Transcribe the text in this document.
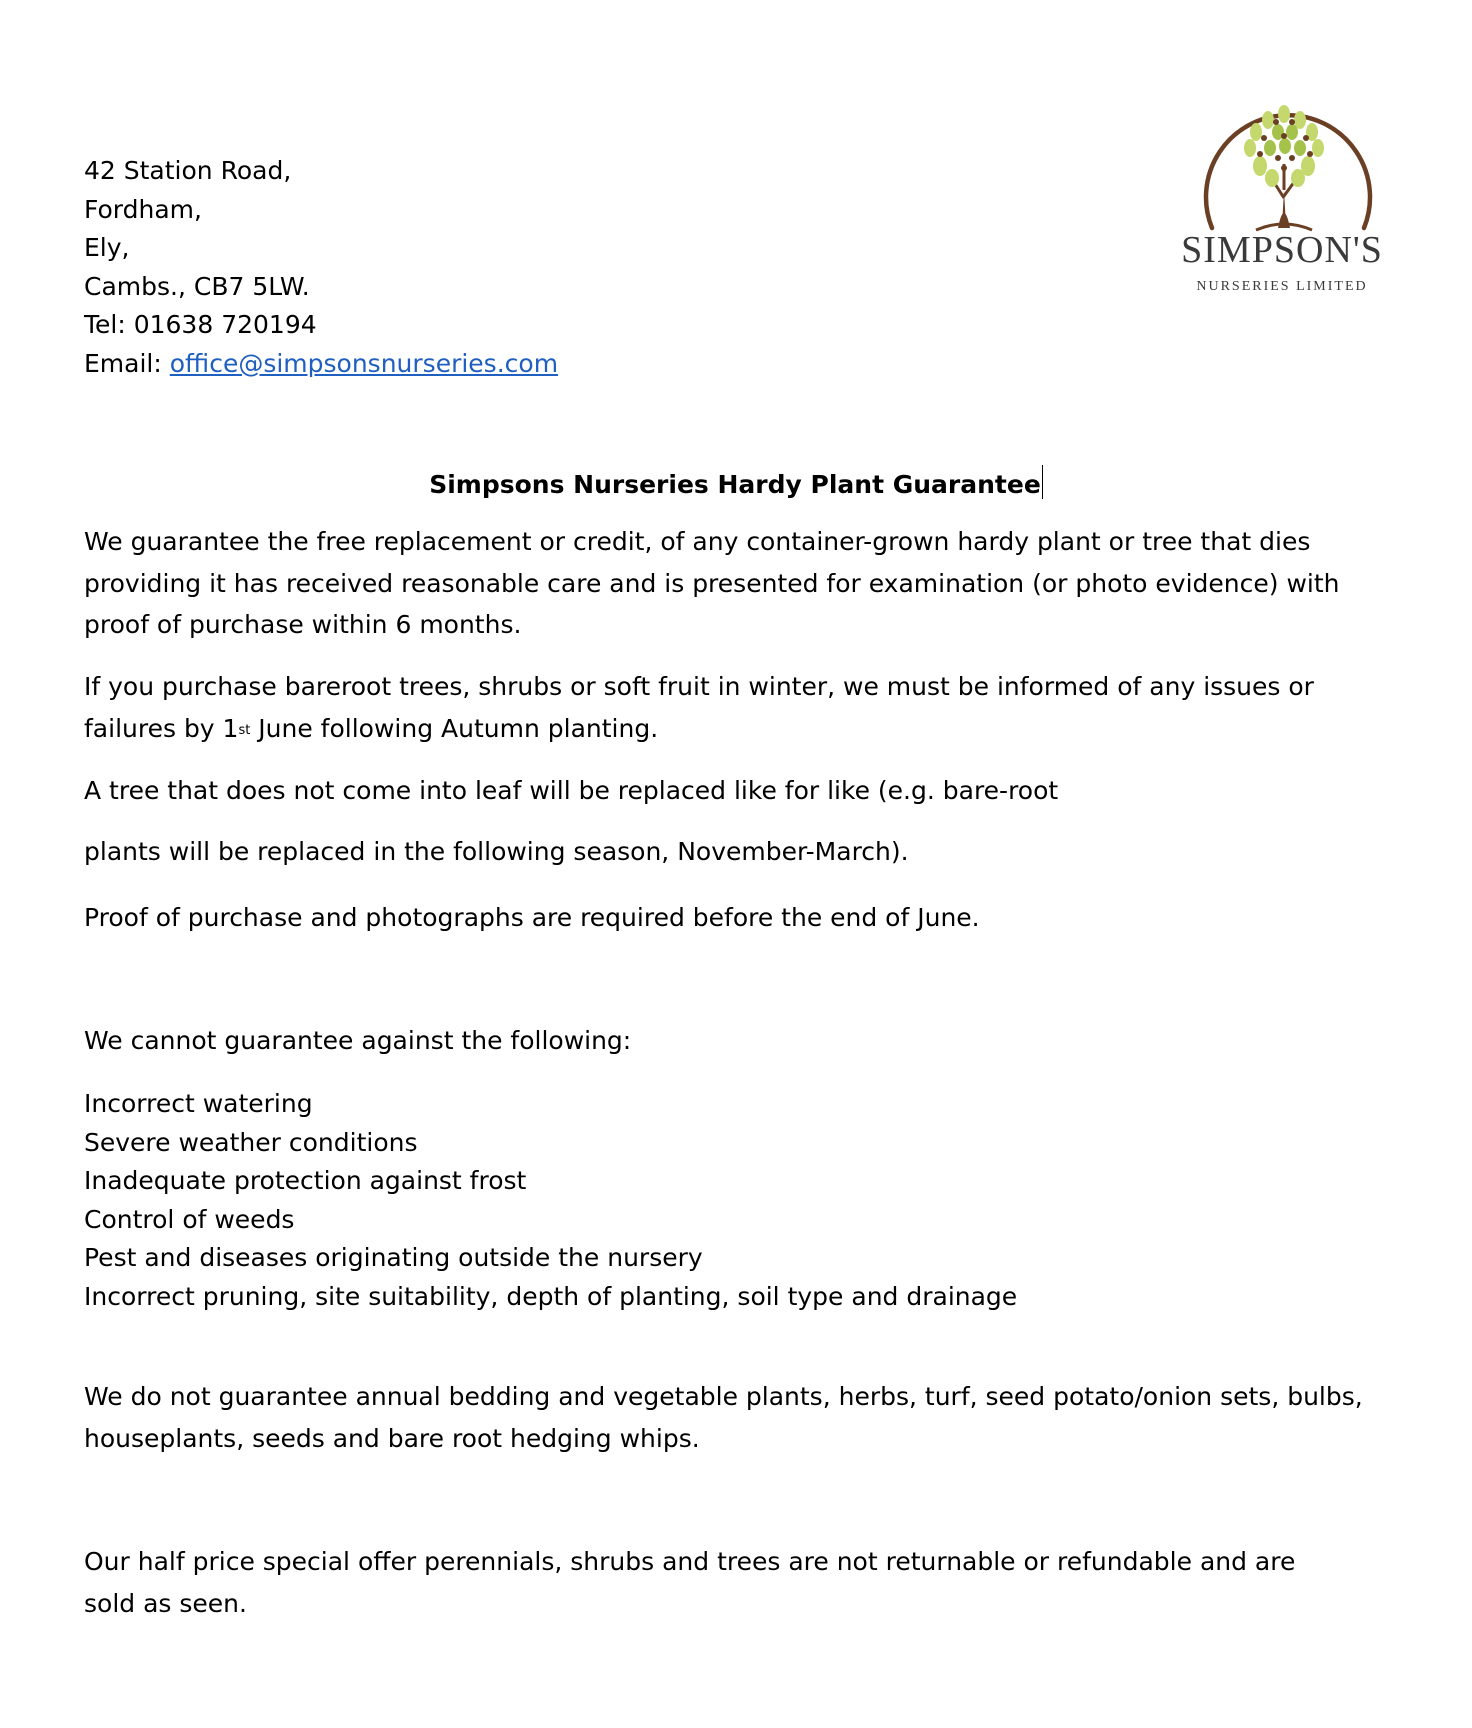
42 Station Road,
Fordham,
Ely,
Cambs., CB7 5LW.
Tel: 01638 720194
Email: office@simpsonsnurseries.com
SIMPSON'S
NURSERIES LIMITED
Simpsons Nurseries Hardy Plant Guarantee
We guarantee the free replacement or credit, of any container-grown hardy plant or tree that dies
providing it has received reasonable care and is presented for examination (or photo evidence) with
proof of purchase within 6 months.
If you purchase bareroot trees, shrubs or soft fruit in winter, we must be informed of any issues or
failures by 1st June following Autumn planting.
A tree that does not come into leaf will be replaced like for like (e.g. bare-root
plants will be replaced in the following season, November-March).
Proof of purchase and photographs are required before the end of June.
We cannot guarantee against the following:
Incorrect watering
Severe weather conditions
Inadequate protection against frost
Control of weeds
Pest and diseases originating outside the nursery
Incorrect pruning, site suitability, depth of planting, soil type and drainage
We do not guarantee annual bedding and vegetable plants, herbs, turf, seed potato/onion sets, bulbs,
houseplants, seeds and bare root hedging whips.
Our half price special offer perennials, shrubs and trees are not returnable or refundable and are
sold as seen.
